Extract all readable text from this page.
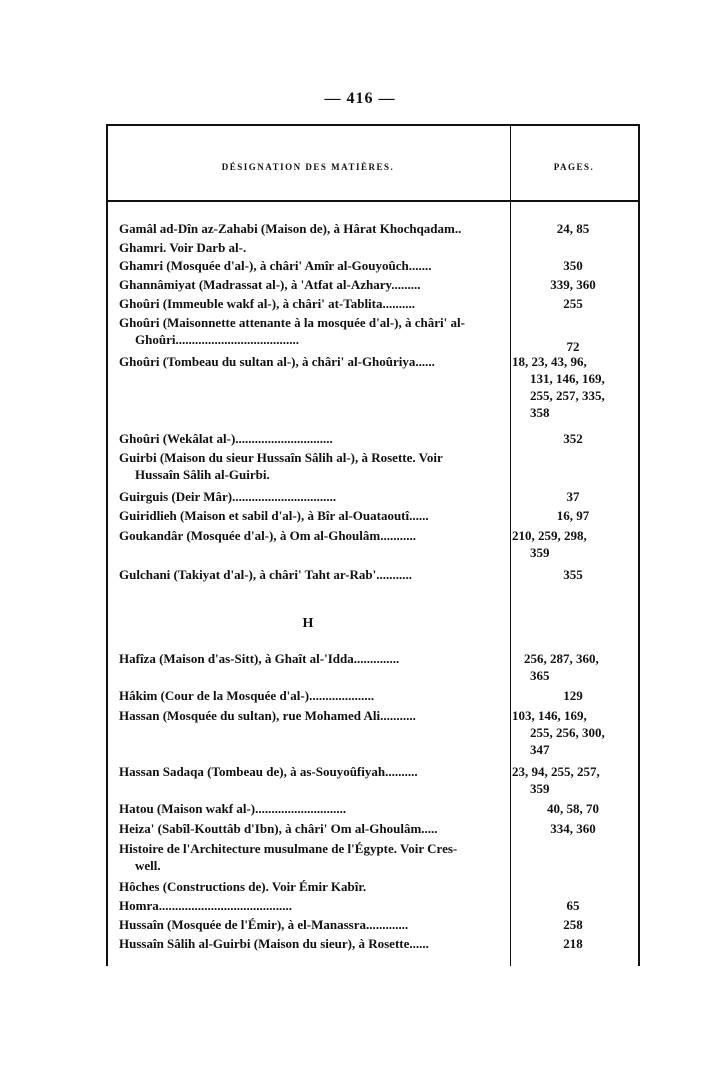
— 416 —
DÉSIGNATION DES MATIÈRES.	PAGES.
Gamâl ad-Dîn az-Zahabi (Maison de), à Hârat Khochqadam..	24, 85
Ghamri. Voir Darb al-.
Ghamri (Mosquée d'al-), à châri' Amîr al-Gouyoûch.......	350
Ghannâmiyat (Madrassat al-), à 'Atfat al-Azhary.........	339, 360
Ghoûri (Immeuble wakf al-), à châri' at-Tablita..........	255
Ghoûri (Maisonnette attenante à la mosquée d'al-), à châri' al-
Ghoûri......................................	72
Ghoûri (Tombeau du sultan al-), à châri' al-Ghoûriya......	18, 23, 43, 96,
131, 146, 169,
255, 257, 335,
358
Ghoûri (Wekâlat al-)..............................	352
Guirbi (Maison du sieur Hussaîn Sâlih al-), à Rosette. Voir
Hussaîn Sâlih al-Guirbi.
Guirguis (Deir Mâr)................................	37
Guiridlieh (Maison et sabil d'al-), à Bîr al-Ouataoutî......	16, 97
Goukandâr (Mosquée d'al-), à Om al-Ghoulâm...........	210, 259, 298,
359
Gulchani (Takiyat d'al-), à châri' Taht ar-Rab'...........	355
H
Hafîza (Maison d'as-Sitt), à Ghaît al-'Idda..............	256, 287, 360,
365
Hâkim (Cour de la Mosquée d'al-)....................	129
Hassan (Mosquée du sultan), rue Mohamed Ali...........	103, 146, 169,
255, 256, 300,
347
Hassan Sadaqa (Tombeau de), à as-Souyoûfiyah..........	23, 94, 255, 257,
359
Hatou (Maison wakf al-)............................	40, 58, 70
Heiza' (Sabîl-Kouttâb d'Ibn), à châri' Om al-Ghoulâm.....	334, 360
Histoire de l'Architecture musulmane de l'Égypte. Voir Cres-
well.
Hôches (Constructions de). Voir Émir Kabîr.
Homra.........................................	65
Hussaîn (Mosquée de l'Émir), à el-Manassra.............	258
Hussaîn Sâlih al-Guirbi (Maison du sieur), à Rosette......	218
